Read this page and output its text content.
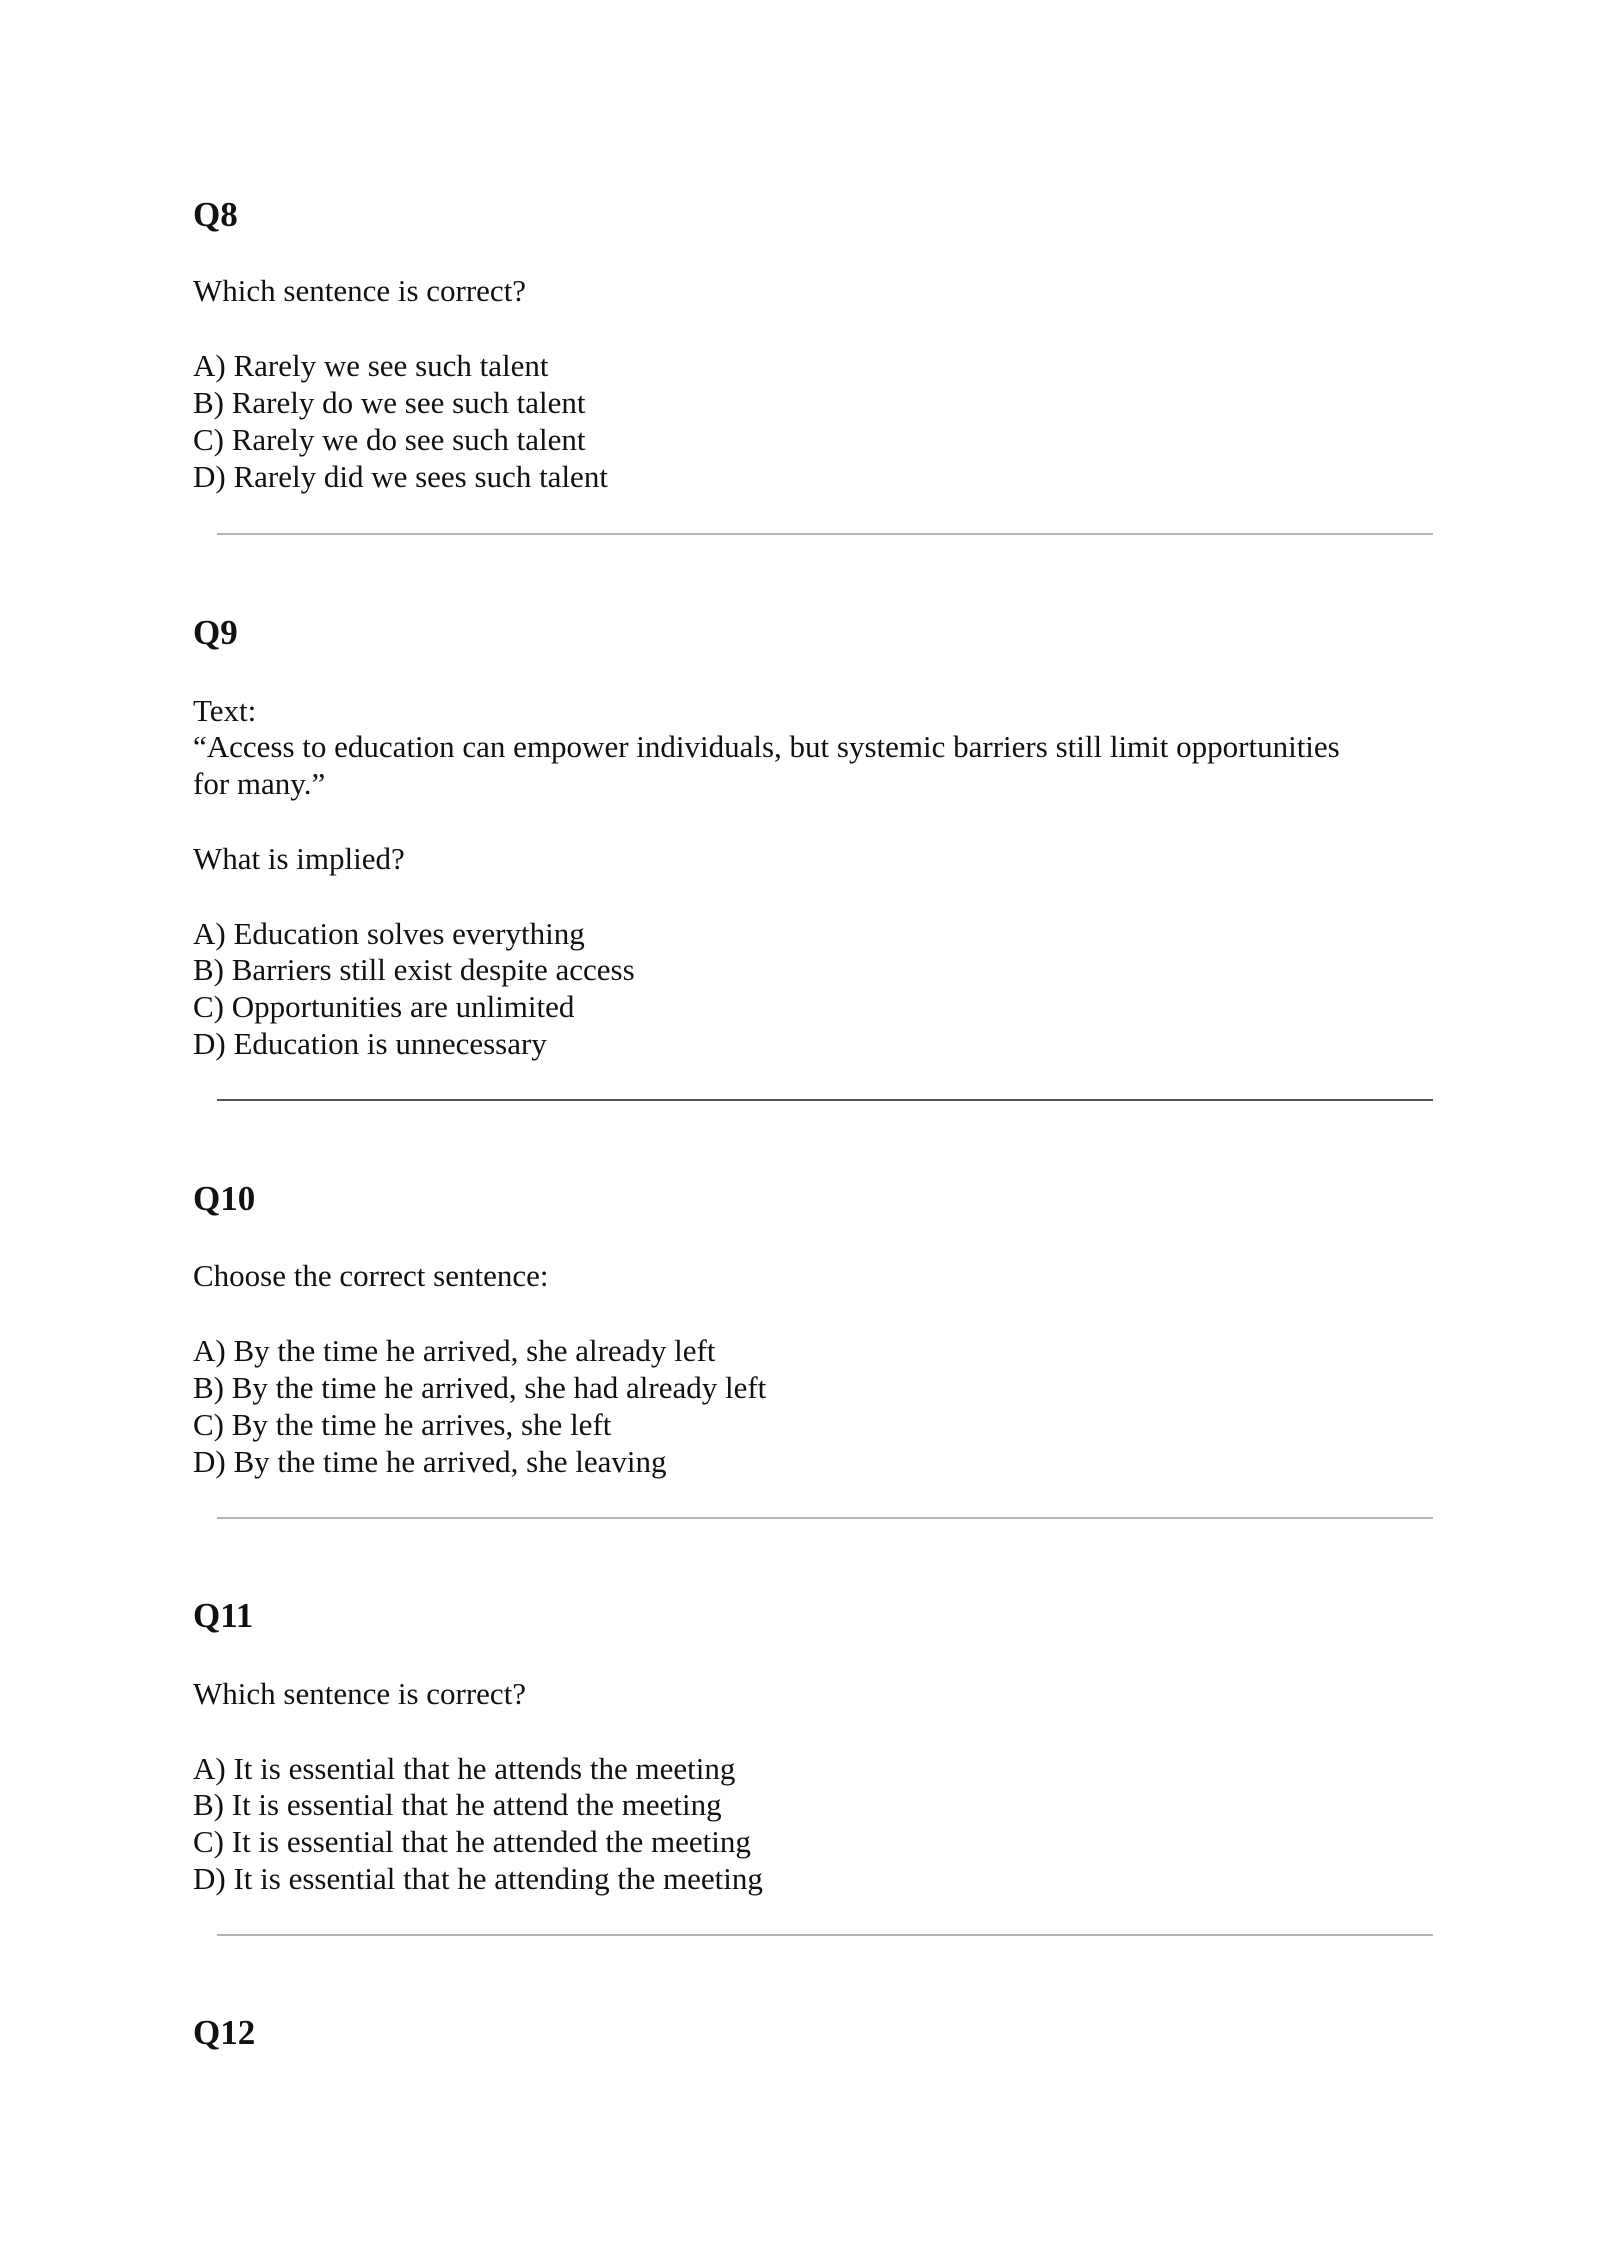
Q8
Which sentence is correct?
A) Rarely we see such talent
B) Rarely do we see such talent
C) Rarely we do see such talent
D) Rarely did we sees such talent
Q9
Text:
“Access to education can empower individuals, but systemic barriers still limit opportunities
for many.”
What is implied?
A) Education solves everything
B) Barriers still exist despite access
C) Opportunities are unlimited
D) Education is unnecessary
Q10
Choose the correct sentence:
A) By the time he arrived, she already left
B) By the time he arrived, she had already left
C) By the time he arrives, she left
D) By the time he arrived, she leaving
Q11
Which sentence is correct?
A) It is essential that he attends the meeting
B) It is essential that he attend the meeting
C) It is essential that he attended the meeting
D) It is essential that he attending the meeting
Q12
